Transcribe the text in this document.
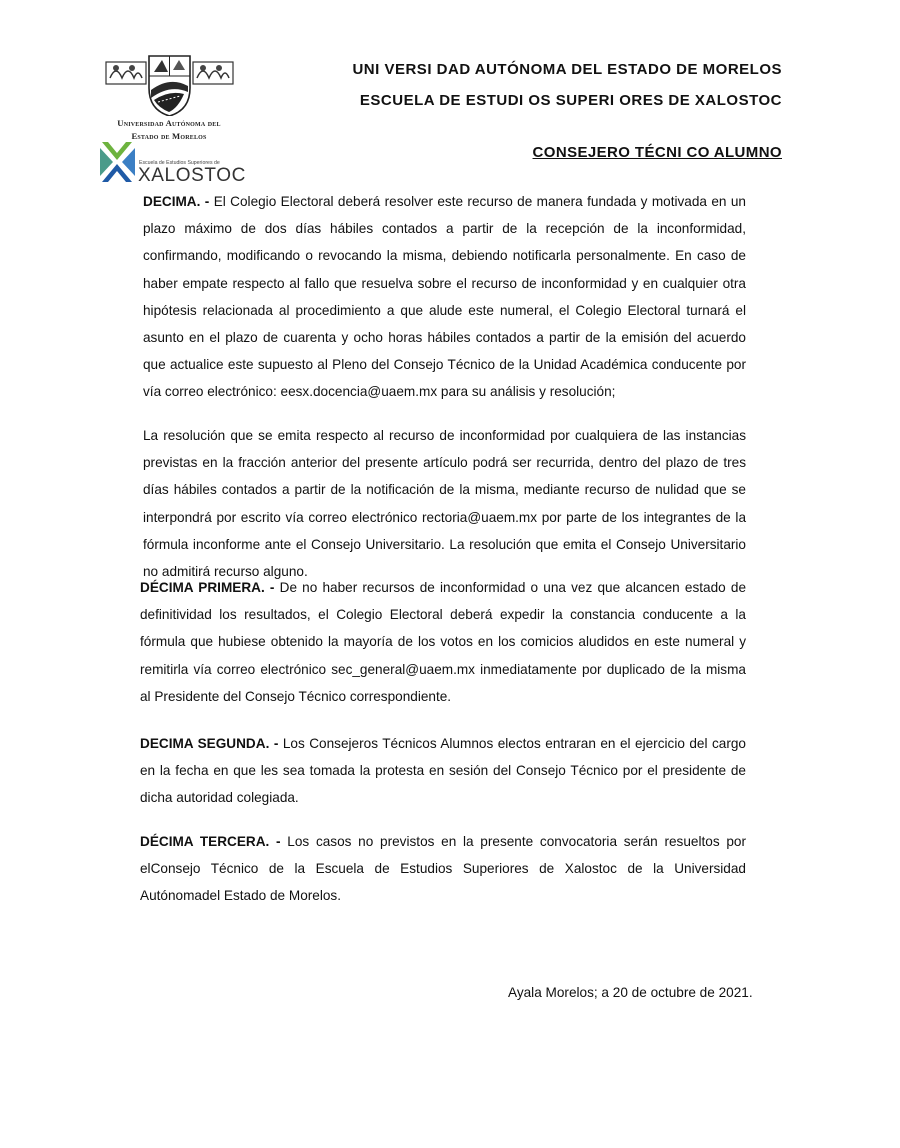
Universidad Autónoma del
Estado de Morelos
Escuela de Estudios Superiores de
XALOSTOC
UNI VERSI DAD AUTÓNOMA DEL ESTADO DE MORELOS
ESCUELA DE ESTUDI OS SUPERI ORES DE XALOSTOC
CONSEJERO TÉCNI CO ALUMNO
DECIMA. - El Colegio Electoral deberá resolver este recurso de manera fundada y motivada en un plazo máximo de dos días hábiles contados a partir de la recepción de la inconformidad, confirmando, modificando o revocando la misma, debiendo notificarla personalmente. En caso de haber empate respecto al fallo que resuelva sobre el recurso de inconformidad y en cualquier otra hipótesis relacionada al procedimiento a que alude este numeral, el Colegio Electoral turnará el asunto en el plazo de cuarenta y ocho horas hábiles contados a partir de la emisión del acuerdo que actualice este supuesto al Pleno del Consejo Técnico de la Unidad Académica conducente por vía correo electrónico: eesx.docencia@uaem.mx para su análisis y resolución;
La resolución que se emita respecto al recurso de inconformidad por cualquiera de las instancias previstas en la fracción anterior del presente artículo podrá ser recurrida, dentro del plazo de tres días hábiles contados a partir de la notificación de la misma, mediante recurso de nulidad que se interpondrá por escrito vía correo electrónico rectoria@uaem.mx por parte de los integrantes de la fórmula inconforme ante el Consejo Universitario. La resolución que emita el Consejo Universitario no admitirá recurso alguno.
DÉCIMA PRIMERA. - De no haber recursos de inconformidad o una vez que alcancen estado de definitividad los resultados, el Colegio Electoral deberá expedir la constancia conducente a la fórmula que hubiese obtenido la mayoría de los votos en los comicios aludidos en este numeral y remitirla vía correo electrónico sec_general@uaem.mx inmediatamente por duplicado de la misma al Presidente del Consejo Técnico correspondiente.
DECIMA SEGUNDA. - Los Consejeros Técnicos Alumnos electos entraran en el ejercicio del cargo en la fecha en que les sea tomada la protesta en sesión del Consejo Técnico por el presidente de dicha autoridad colegiada.
DÉCIMA TERCERA. - Los casos no previstos en la presente convocatoria serán resueltos por elConsejo Técnico de la Escuela de Estudios Superiores de Xalostoc de la Universidad Autónomadel Estado de Morelos.
Ayala Morelos; a 20 de octubre de 2021.
